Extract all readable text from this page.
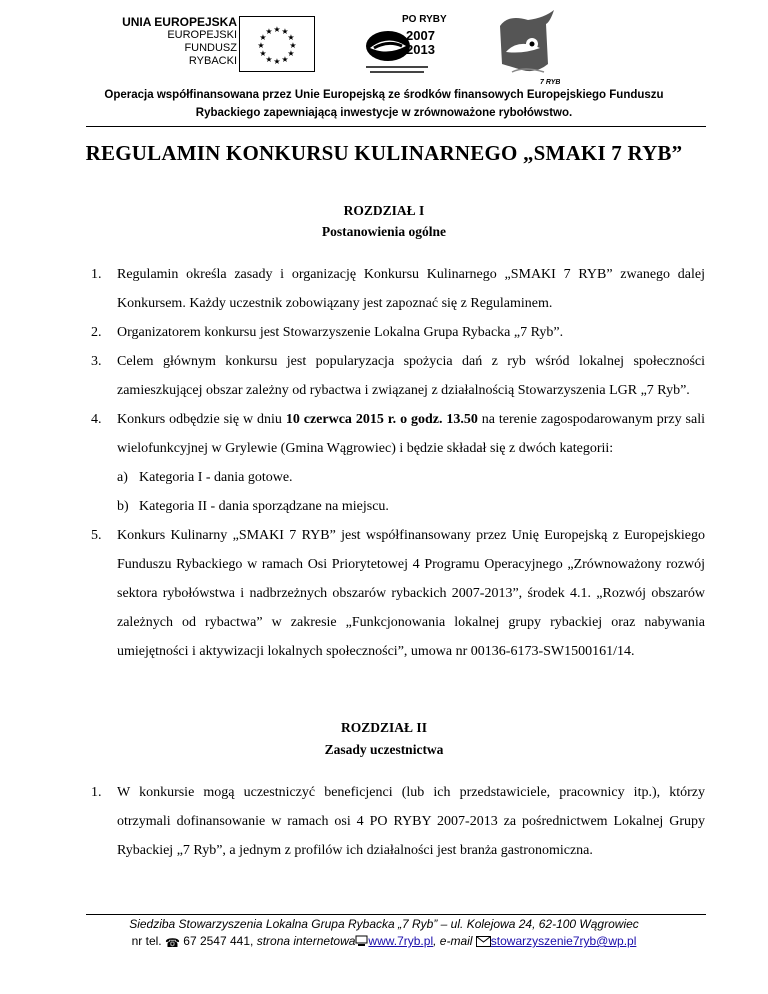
UNIA EUROPEJSKA
EUROPEJSKI FUNDUSZ
RYBACKI
★ ★
★
★
★
★
★
★
★
★
★
★
PO RYBY
2007
2013
7 RYB
Operacja współfinansowana przez Unie Europejską ze środków finansowych Europejskiego Funduszu
Rybackiego zapewniającą inwestycje w zrównoważone rybołówstwo.
REGULAMIN KONKURSU KULINARNEGO „SMAKI 7 RYB”
ROZDZIAŁ I
Postanowienia ogólne
1. Regulamin określa zasady i organizację Konkursu Kulinarnego „SMAKI 7 RYB” zwanego dalej Konkursem. Każdy uczestnik zobowiązany jest zapoznać się z Regulaminem.
2. Organizatorem konkursu jest Stowarzyszenie Lokalna Grupa Rybacka „7 Ryb”.
3. Celem głównym konkursu jest popularyzacja spożycia dań z ryb wśród lokalnej społeczności zamieszkującej obszar zależny od rybactwa i związanej z działalnością Stowarzyszenia LGR „7 Ryb”.
4. Konkurs odbędzie się w dniu 10 czerwca 2015 r. o godz. 13.50 na terenie zagospodarowanym przy sali wielofunkcyjnej w Grylewie (Gmina Wągrowiec) i będzie składał się z dwóch kategorii:
a) Kategoria I - dania gotowe.
b) Kategoria II - dania sporządzane na miejscu.
5. Konkurs Kulinarny „SMAKI 7 RYB” jest współfinansowany przez Unię Europejską z Europejskiego Funduszu Rybackiego w ramach Osi Priorytetowej 4 Programu Operacyjnego „Zrównoważony rozwój sektora rybołówstwa i nadbrzeżnych obszarów rybackich 2007-2013”, środek 4.1. „Rozwój obszarów zależnych od rybactwa” w zakresie „Funkcjonowania lokalnej grupy rybackiej oraz nabywania umiejętności i aktywizacji lokalnych społeczności”, umowa nr 00136-6173-SW1500161/14.
ROZDZIAŁ II
Zasady uczestnictwa
1. W konkursie mogą uczestniczyć beneficjenci (lub ich przedstawiciele, pracownicy itp.), którzy otrzymali dofinansowanie w ramach osi 4 PO RYBY 2007-2013 za pośrednictwem Lokalnej Grupy Rybackiej „7 Ryb”, a jednym z profilów ich działalności jest branża gastronomiczna.
Siedziba Stowarzyszenia Lokalna Grupa Rybacka „7 Ryb” – ul. Kolejowa 24, 62-100 Wągrowiec
nr tel. ☎ 67 2547 441, strona internetowa www.7ryb.pl, e-mail stowarzyszenie7ryb@wp.pl
